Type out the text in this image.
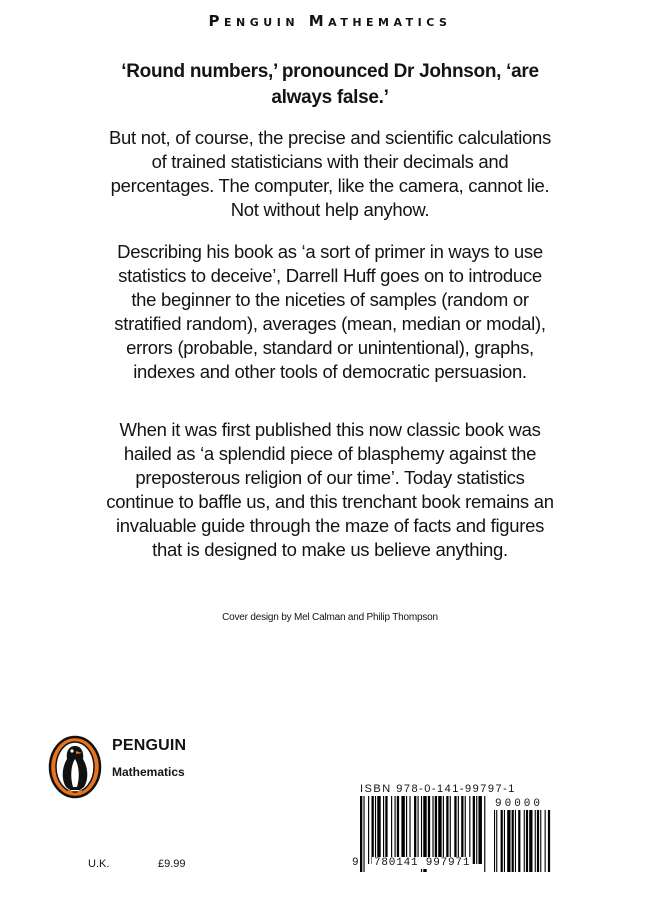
Penguin Mathematics
‘Round numbers,’ pronounced Dr Johnson, ‘are always false.’
But not, of course, the precise and scientific calculations of trained statisticians with their decimals and percentages. The computer, like the camera, cannot lie. Not without help anyhow.
Describing his book as ‘a sort of primer in ways to use statistics to deceive’, Darrell Huff goes on to introduce the beginner to the niceties of samples (random or stratified random), averages (mean, median or modal), errors (probable, standard or unintentional), graphs, indexes and other tools of democratic persuasion.
When it was first published this now classic book was hailed as ‘a splendid piece of blasphemy against the preposterous religion of our time’. Today statistics continue to baffle us, and this trenchant book remains an invaluable guide through the maze of facts and figures that is designed to make us believe anything.
Cover design by Mel Calman and Philip Thompson
PENGUIN
Mathematics
U.K.	£9.99
ISBN 978-0-141-99797-1
9 780141 997971
90000
